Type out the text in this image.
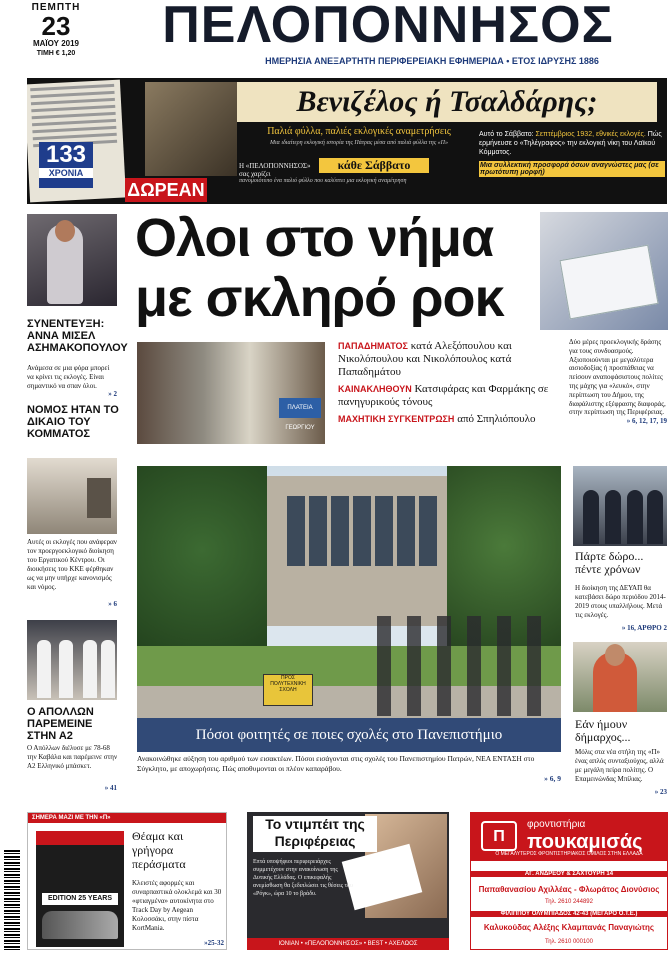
ΠΕΜΠΤΗ
23
ΜΑΪΟΥ 2019
ΤΙΜΗ € 1,20	ΠΕΛΟΠΟΝΝΗΣΟΣ
ΗΜΕΡΗΣΙΑ ΑΝΕΞΑΡΤΗΤΗ ΠΕΡΙΦΕΡΕΙΑΚΗ ΕΦΗΜΕΡΙΔΑ • ΕΤΟΣ ΙΔΡΥΣΗΣ 1886
133
ΧΡΟΝΙΑ
ΔΩΡΕΑΝ
Βενιζέλος ή Τσαλδάρης;
Παλιά φύλλα, παλιές εκλογικές αναμετρήσεις
Μια ιδιαίτερη εκλογική ιστορία της Πάτρας μέσα από παλιά φύλλα της «Π»
Η «ΠΕΛΟΠΟΝΝΗΣΟΣ» σας χαρίζει
κάθε Σάββατο
πανομοιότυπο ένα παλιό φύλλο που καλύπτει μια εκλογική αναμέτρηση
Αυτό το Σάββατο: Σεπτέμβριος 1932, εθνικές εκλογές. Πώς ερμήνευσε ο «Τηλέγραφος» την εκλογική νίκη του Λαϊκού Κόμματος.
Μια συλλεκτική προσφορά όσων αναγνώστες μας (σε πρωτότυπη μορφή)
ΣΥΝΕΝΤΕΥΞΗ: ΑΝΝΑ ΜΙΣΕΛ ΑΣΗΜΑΚΟΠΟΥΛΟΥ
Ανάμεσα σε μια φόρα μπορεί να κρίνει τις εκλογές. Είναι σημαντικό να σπαν όλοι.
» 2
ΝΟΜΟΣ ΗΤΑΝ ΤΟ ΔΙΚΑΙΟ ΤΟΥ ΚΟΜΜΑΤΟΣ
Αυτές οι εκλογές που ανάφεραν τον προεργοεκλογικό διοίκηση του Εργατικού Κέντρου. Οι διοικήσεις του ΚΚΕ φέρθηκαν ως να μην υπήρχε κανονισμός και νόμος.
» 6
Ο ΑΠΟΛΛΩΝ ΠΑΡΕΜΕΙΝΕ ΣΤΗΝ Α2
Ο Απόλλων διέλυσε με 78-68 την Καβάλα και παρέμεινε στην Α2 Ελληνικό μπάσκετ.
» 41
Ολοι στο νήμα
με σκληρό ροκ
ΠΛΑΤΕΙΑ ΓΕΩΡΓΙΟΥ
ΠΑΠΑΔΗΜΑΤΟΣ κατά Αλεξόπουλου και Νικολόπουλου και Νικολόπουλος κατά Παπαδημάτου
ΚΑΙΝΑΚΛΗΘΟΥΝ Κατσιφάρας και Φαρμάκης σε πανηγυρικούς τόνους
ΜΑΧΗΤΙΚΗ ΣΥΓΚΕΝΤΡΩΣΗ από Σπηλιόπουλο
Δύο μέρες προεκλογικής δράσης για τους συνδυασμούς. Αξιοποιούνται με μεγαλύτερα αισιοδοξίας ή προσπάθειας να πείσουν αναποφάσιστους πολίτες της μάχης για «λευκό», στην περίπτωση του Δήμου, της διαφάλιστης εξέφρασης διαφοράς, στην περίπτωση της Περιφέρειας.
» 6, 12, 17, 19
ΠΡΟΣ ΠΟΛΥΤΕΧΝΙΚΗ ΣΧΟΛΗ
Πόσοι φοιτητές σε ποιες σχολές στο Πανεπιστήμιο
Ανακοινώθηκε αύξηση του αριθμού των εισακτέων. Πόσοι εισάγονται στις σχολές του Πανεπιστημίου Πατρών, ΝΕΑ ΕΝΤΑΣΗ στο Σύγκλητο, με αποχωρήσεις. Πώς αποθυμονται οι πλέον καπαράβου.
» 6, 9
Πάρτε δώρο... πέντε χρόνων
Η διοίκηση της ΔΕΥΑΠ θα κατεβάσει δώρο περιόδου 2014-2019 στους υπαλλήλους. Μετά τις εκλογές.
» 16, ΑΡΘΡΟ 2
Εάν ήμουν δήμαρχος...
Μόλις στα νέα στήλη της «Π» ένας απλός συνταξιούχος, αλλά με μεγάλη πείρα πολίτης. Ο Επαμεινώνδας Μπίλιας.
» 23
ΣΗΜΕΡΑ ΜΑΖΙ ΜΕ ΤΗΝ «Π»
EDITION 25 YEARS
Θέαμα και γρήγορα περάσματα
Κλειστές αφορμές και συναρπαστικά ολοκλεμά και 30 «φτιαγμένα» αυτοκίνητα στο Track Day by Aegean Κολοσσάκι, στην πίστα ΚortΜania.
»25-32
Το ντιμπέιτ της Περιφέρειας
Επτά υποψήφιοι περιφερειάρχες συμμετέχουν στην ανακοίνωση της Δυτικής Ελλάδας. Ο επικεφαλής ανεμίσθωση θα ξεδιπλώσει τις θέσεις του «Ρόγκ», ώρα 10 το βράδυ.
ΙΟΝΙΑΝ • «ΠΕΛΟΠΟΝΝΗΣΟΣ» • BEST • ΑΧΕΛΩΟΣ
Π
φροντιστήρια
πουκαμισάς
Ο ΜΕΓΑΛΥΤΕΡΟΣ ΦΡΟΝΤΙΣΤΗΡΙΑΚΟΣ ΟΜΙΛΟΣ ΣΤΗΝ ΕΛΛΑΔΑ
ΑΓ. ΑΝΔΡΕΟΥ & ΣΑΧΤΟΥΡΗ 14
Παπαθανασίου Αχιλλέας - Φλωράτος Διονύσιος
Τηλ. 2610 244892
ΦΙΛΙΠΠΟΥ ΟΛΥΜΠΙΑΔΟΣ 42-43 (ΜΕΓΑΡΟ Ο.Τ.Ε.)
Καλυκούδας Αλέξης Κλαμπανάς Παναγιώτης
Τηλ. 2610 000100
